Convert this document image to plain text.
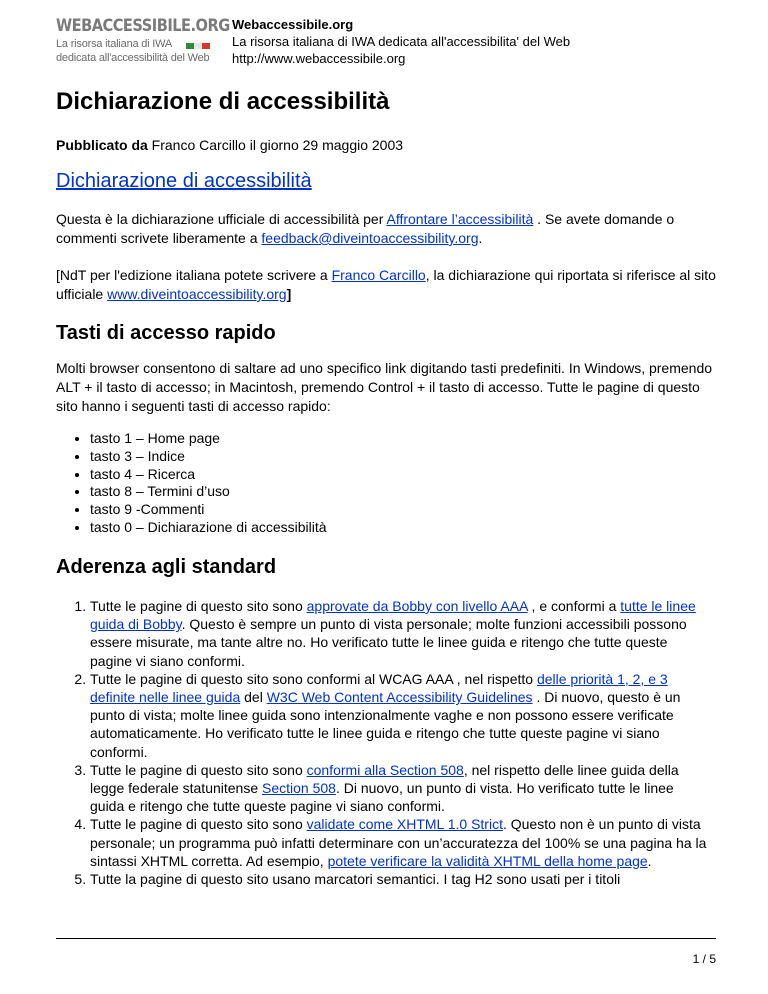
WEBACCESSIBILE.ORG
La risorsa italiana di IWA
dedicata all'accessibilità del Web
Webaccessibile.org
La risorsa italiana di IWA dedicata all'accessibilita' del Web
http://www.webaccessibile.org
Dichiarazione di accessibilità
Pubblicato da Franco Carcillo il giorno 29 maggio 2003
Dichiarazione di accessibilità

Questa è la dichiarazione ufficiale di accessibilità per Affrontare l’accessibilità . Se avete domande o commenti scrivete liberamente a feedback@diveintoaccessibility.org.

[NdT per l'edizione italiana potete scrivere a Franco Carcillo, la dichiarazione qui riportata si riferisce al sito ufficiale www.diveintoaccessibility.org]

Tasti di accesso rapido

Molti browser consentono di saltare ad uno specifico link digitando tasti predefiniti. In Windows, premendo ALT + il tasto di accesso; in Macintosh, premendo Control + il tasto di accesso. Tutte le pagine di questo sito hanno i seguenti tasti di accesso rapido:

• tasto 1 – Home page
• tasto 3 – Indice
• tasto 4 – Ricerca
• tasto 8 – Termini d’uso
• tasto 9 -Commenti
• tasto 0 – Dichiarazione di accessibilità
Aderenza agli standard
1. Tutte le pagine di questo sito sono approvate da Bobby con livello AAA , e conformi a tutte le linee guida di Bobby. Questo è sempre un punto di vista personale; molte funzioni accessibili possono essere misurate, ma tante altre no. Ho verificato tutte le linee guida e ritengo che tutte queste pagine vi siano conformi.
2. Tutte le pagine di questo sito sono conformi al WCAG AAA , nel rispetto delle priorità 1, 2, e 3 definite nelle linee guida del W3C Web Content Accessibility Guidelines . Di nuovo, questo è un punto di vista; molte linee guida sono intenzionalmente vaghe e non possono essere verificate automaticamente. Ho verificato tutte le linee guida e ritengo che tutte queste pagine vi siano conformi.
3. Tutte le pagine di questo sito sono conformi alla Section 508, nel rispetto delle linee guida della legge federale statunitense Section 508. Di nuovo, un punto di vista. Ho verificato tutte le linee guida e ritengo che tutte queste pagine vi siano conformi.
4. Tutte le pagine di questo sito sono validate come XHTML 1.0 Strict. Questo non è un punto di vista personale; un programma può infatti determinare con un’accuratezza del 100% se una pagina ha la sintassi XHTML corretta. Ad esempio, potete verificare la validità XHTML della home page.
5. Tutte la pagine di questo sito usano marcatori semantici. I tag H2 sono usati per i titoli
1 / 5
